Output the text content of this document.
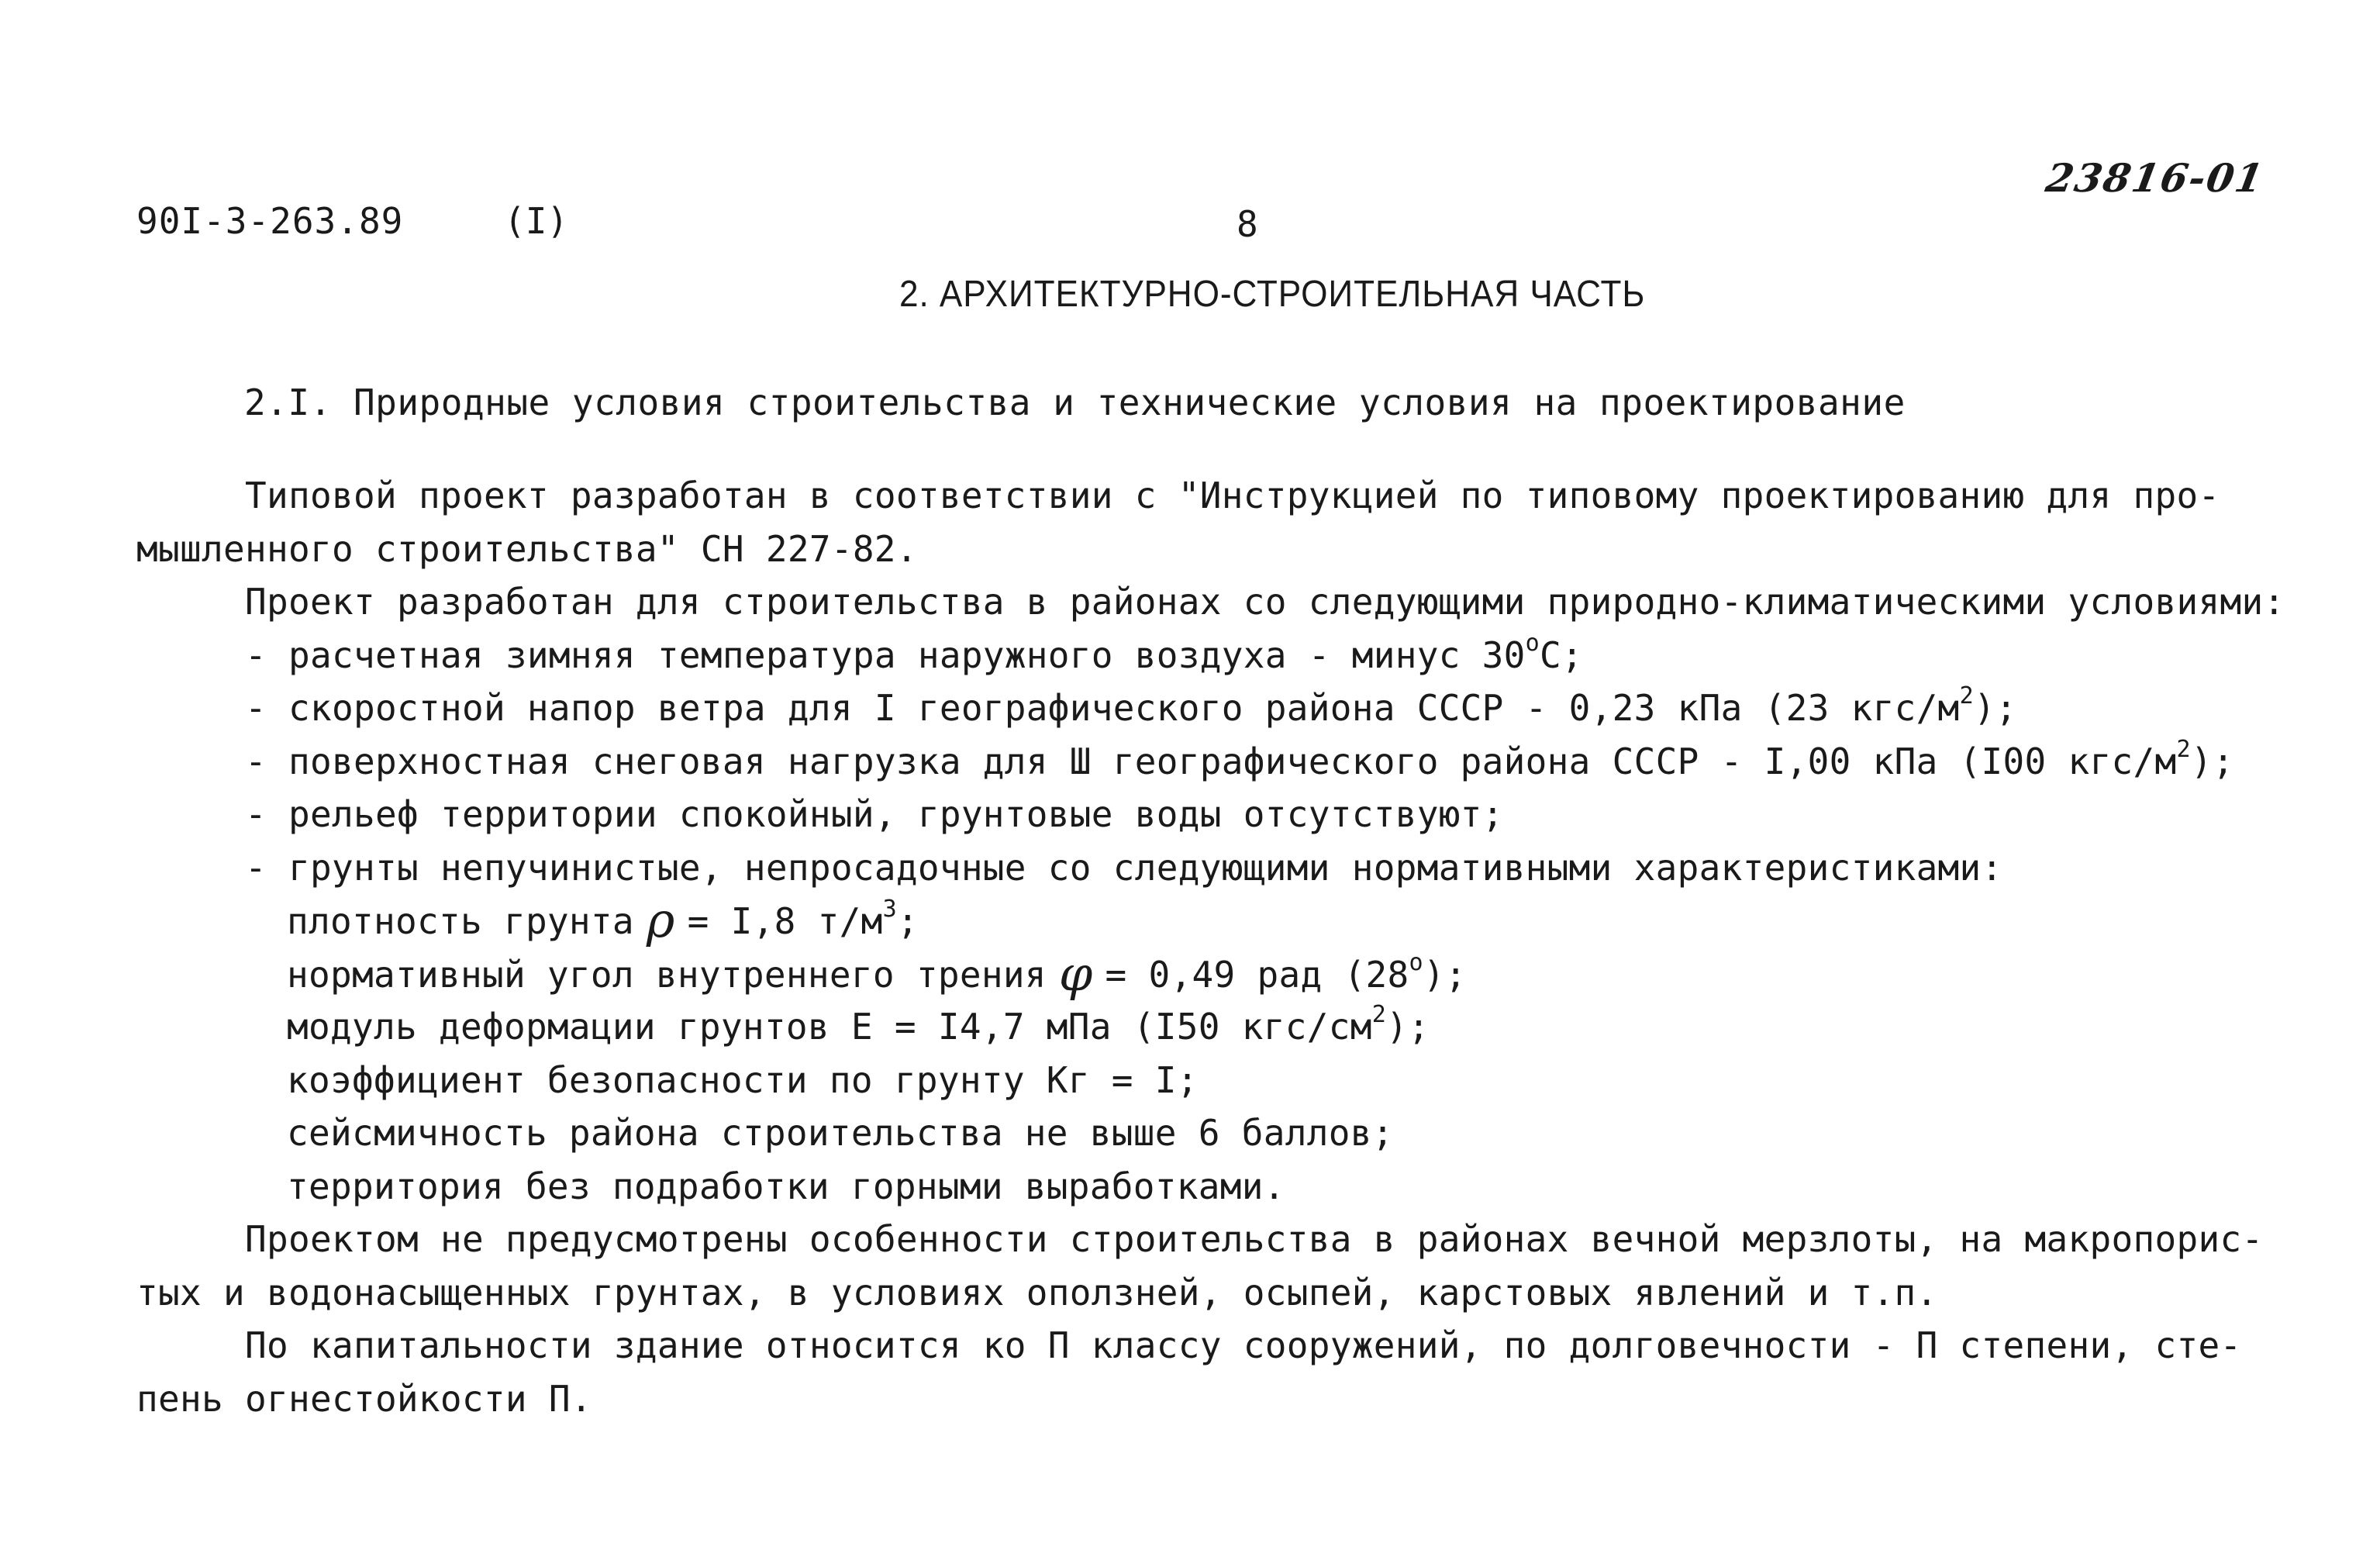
90I-3-263.89	(I)	8
23816-01
2. АРХИТЕКТУРНО-СТРОИТЕЛЬНАЯ ЧАСТЬ
2.I. Природные условия строительства и технические условия на проектирование
Типовой проект разработан в соответствии с "Инструкцией по типовому проектированию для про-
мышленного строительства" СН 227-82.
Проект разработан для строительства в районах со следующими природно-климатическими условиями:
- расчетная зимняя температура наружного воздуха - минус 30$^o$С;
- скоростной напор ветра для I географического района СССР - 0,23 кПа (23 кгс/$м^2$);
- поверхностная снеговая нагрузка для Ш географического района СССР - I,00 кПа (I00 кгс/$м^2$);
- рельеф территории спокойный, грунтовые воды отсутствуют;
- грунты непучинистые, непросадочные со следующими нормативными характеристиками:
плотность грунта ρ = I,8 $т/м^3$;
нормативный угол внутреннего трения φ = 0,49 рад (28$^o$);
модуль деформации грунтов Е = I4,7 мПа (I50 кгс/$см^2$);
коэффициент безопасности по грунту Кг = I;
сейсмичность района строительства не выше 6 баллов;
территория без подработки горными выработками.
Проектом не предусмотрены особенности строительства в районах вечной мерзлоты, на макропорис-
тых и водонасыщенных грунтах, в условиях оползней, осыпей, карстовых явлений и т.п.
По капитальности здание относится ко П классу сооружений, по долговечности - П степени, сте-
пень огнестойкости П.
